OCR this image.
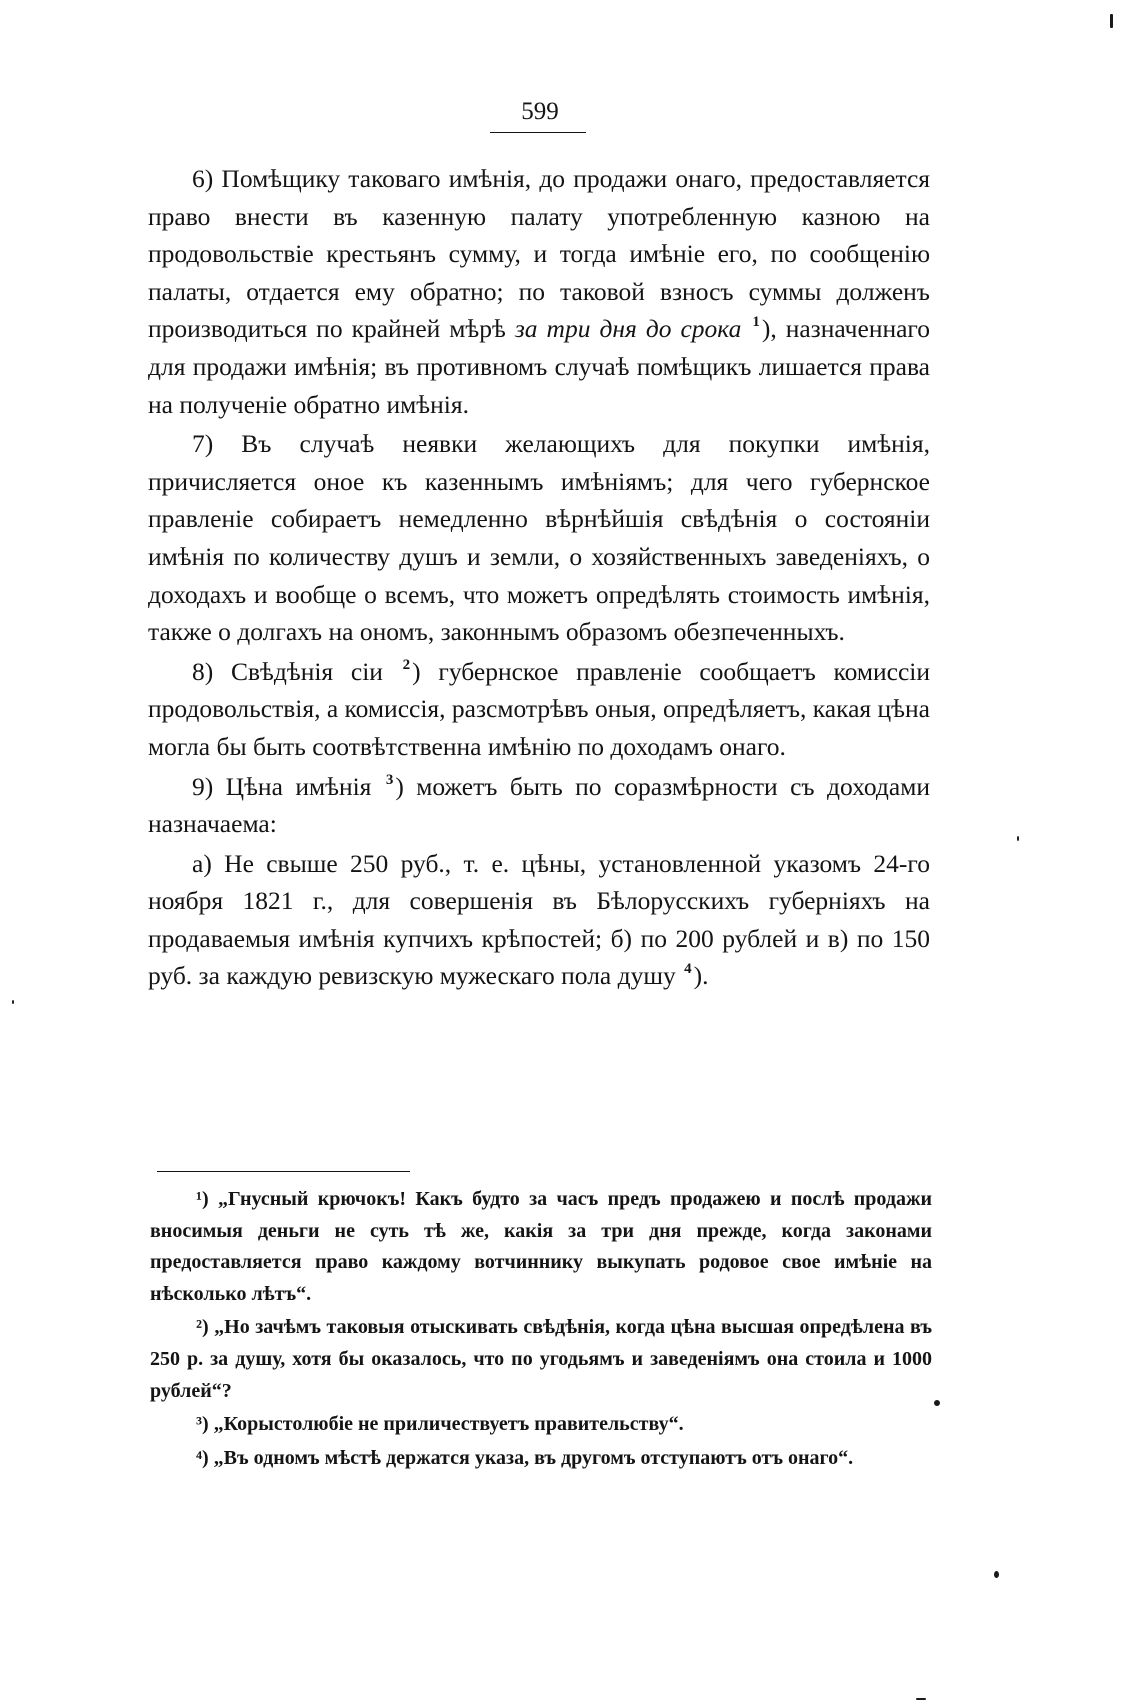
599

6) Помѣщику таковаго имѣнія, до продажи онаго, предоставляется право внести въ казенную палату употребленную казною на продовольствіе крестьянъ сумму, и тогда имѣніе его, по сообщенію палаты, отдается ему обратно; по таковой взносъ суммы долженъ производиться по крайней мѣрѣ за три дня до срока $^1$), назначеннаго для продажи имѣнія; въ противномъ случаѣ помѣщикъ лишается права на полученіе обратно имѣнія.

7) Въ случаѣ неявки желающихъ для покупки имѣнія, причисляется оное къ казеннымъ имѣніямъ; для чего губернское правленіе собираетъ немедленно вѣрнѣйшія свѣдѣнія о состояніи имѣнія по количеству душъ и земли, о хозяйственныхъ заведеніяхъ, о доходахъ и вообще о всемъ, что можетъ опредѣлять стоимость имѣнія, также о долгахъ на ономъ, законнымъ образомъ обезпеченныхъ.

8) Свѣдѣнія сіи $^2$) губернское правленіе сообщаетъ комиссіи продовольствія, а комиссія, разсмотрѣвъ оныя, опредѣляетъ, какая цѣна могла бы быть соотвѣтственна имѣнію по доходамъ онаго.

9) Цѣна имѣнія $^3$) можетъ быть по соразмѣрности съ доходами назначаема:

а) Не свыше 250 руб., т. е. цѣны, установленной указомъ 24-го ноября 1821 г., для совершенія въ Бѣлорусскихъ губерніяхъ на продаваемыя имѣнія купчихъ крѣпостей; б) по 200 рублей и в) по 150 руб. за каждую ревизскую мужескаго пола душу $^4$).

¹) „Гнусный крючокъ! Какъ будто за часъ предъ продажею и послѣ продажи вносимыя деньги не суть тѣ же, какія за три дня прежде, когда законами предоставляется право каждому вотчиннику выкупать родовое свое имѣніе на нѣсколько лѣтъ“.

²) „Но зачѣмъ таковыя отыскивать свѣдѣнія, когда цѣна высшая опредѣлена въ 250 р. за душу, хотя бы оказалось, что по угодьямъ и заведеніямъ она стоила и 1000 рублей“?

³) „Корыстолюбіе не приличествуетъ правительству“.

⁴) „Въ одномъ мѣстѣ держатся указа, въ другомъ отступаютъ отъ онаго“.
